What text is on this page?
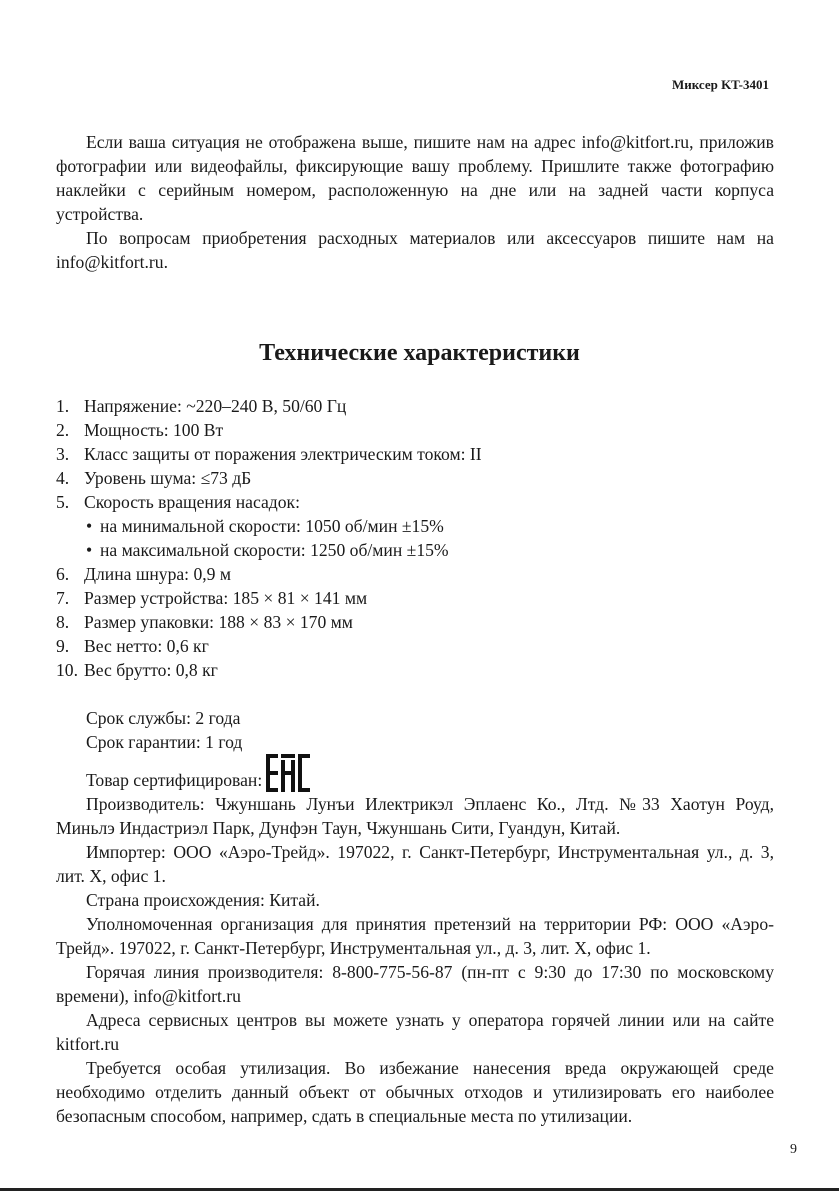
Миксер KT-3401

Если ваша ситуация не отображена выше, пишите нам на адрес info@kitfort.ru, приложив фотографии или видеофайлы, фиксирующие вашу проблему. Пришлите также фотографию наклейки с серийным номером, расположенную на дне или на задней части корпуса устройства.

По вопросам приобретения расходных материалов или аксессуаров пишите нам на info@kitfort.ru.

Технические характеристики
1. Напряжение: ~220–240 В, 50/60 Гц
2. Мощность: 100 Вт
3. Класс защиты от поражения электрическим током: II
4. Уровень шума: ≤73 дБ
5. Скорость вращения насадок:
• на минимальной скорости: 1050 об/мин ±15%
• на максимальной скорости: 1250 об/мин ±15%
6. Длина шнура: 0,9 м
7. Размер устройства: 185 × 81 × 141 мм
8. Размер упаковки: 188 × 83 × 170 мм
9. Вес нетто: 0,6 кг
10. Вес брутто: 0,8 кг

Срок службы: 2 года

Срок гарантии: 1 год

Товар сертифицирован:

Производитель: Чжуншань Лунъи Илектрикэл Эплаенс Ко., Лтд. №33 Хаотун Роуд, Миньлэ Индастриэл Парк, Дунфэн Таун, Чжуншань Сити, Гуандун, Китай.

Импортер: ООО «Аэро-Трейд». 197022, г. Санкт-Петербург, Инструментальная ул., д. 3, лит. Х, офис 1.

Страна происхождения: Китай.

Уполномоченная организация для принятия претензий на территории РФ: ООО «Аэро-Трейд». 197022, г. Санкт-Петербург, Инструментальная ул., д. 3, лит. Х, офис 1.

Горячая линия производителя: 8-800-775-56-87 (пн-пт с 9:30 до 17:30 по московскому времени), info@kitfort.ru

Адреса сервисных центров вы можете узнать у оператора горячей линии или на сайте kitfort.ru

Требуется особая утилизация. Во избежание нанесения вреда окружающей среде необходимо отделить данный объект от обычных отходов и утилизировать его наиболее безопасным способом, например, сдать в специальные места по утилизации.

9
